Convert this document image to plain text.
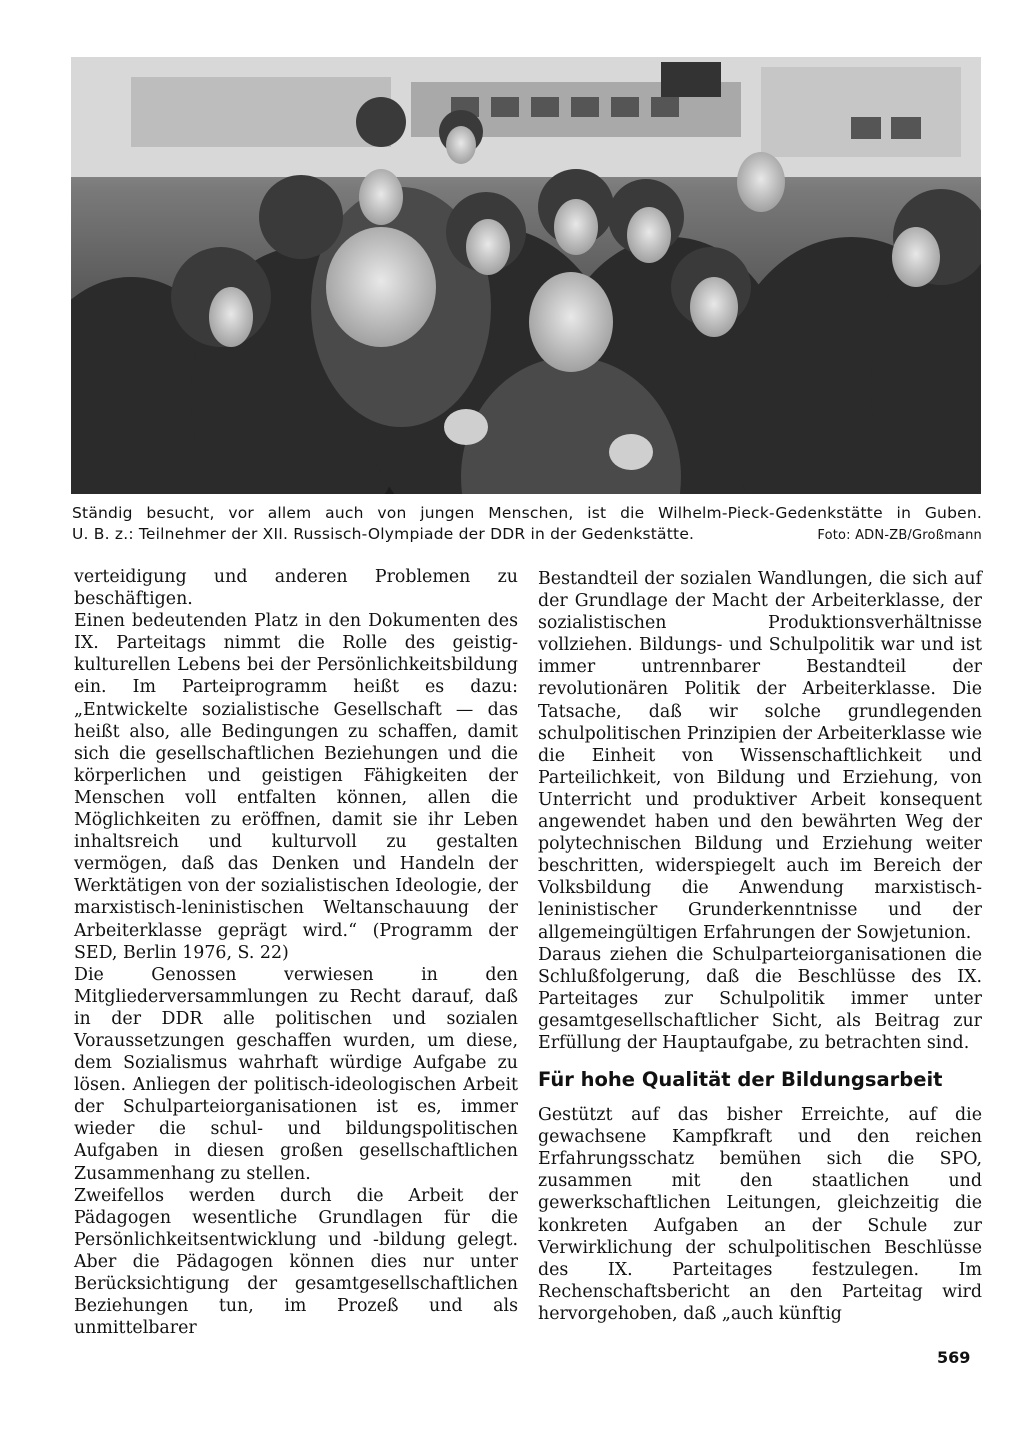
Ständig besucht, vor allem auch von jungen Menschen, ist die Wilhelm-Pieck-Gedenkstätte in Guben.
U. B. z.: Teilnehmer der XII. Russisch-Olympiade der DDR in der Gedenkstätte.	Foto: ADN-ZB/Großmann

verteidigung und anderen Problemen zu beschäftigen.

Einen bedeutenden Platz in den Dokumenten des IX. Parteitags nimmt die Rolle des geistig-kulturellen Lebens bei der Persönlichkeitsbildung ein. Im Parteiprogramm heißt es dazu: „Entwickelte sozialistische Gesellschaft — das heißt also, alle Bedingungen zu schaffen, damit sich die gesellschaftlichen Beziehungen und die körperlichen und geistigen Fähigkeiten der Menschen voll entfalten können, allen die Möglichkeiten zu eröffnen, damit sie ihr Leben inhaltsreich und kulturvoll zu gestalten vermögen, daß das Denken und Handeln der Werktätigen von der sozialistischen Ideologie, der marxistisch-leninistischen Weltanschauung der Arbeiterklasse geprägt wird.“ (Programm der SED, Berlin 1976, S. 22)

Die Genossen verwiesen in den Mitgliederversammlungen zu Recht darauf, daß in der DDR alle politischen und sozialen Voraussetzungen geschaffen wurden, um diese, dem Sozialismus wahrhaft würdige Aufgabe zu lösen. Anliegen der politisch-ideologischen Arbeit der Schulparteiorganisationen ist es, immer wieder die schul- und bildungspolitischen Aufgaben in diesen großen gesellschaftlichen Zusammenhang zu stellen.

Zweifellos werden durch die Arbeit der Pädagogen wesentliche Grundlagen für die Persönlichkeitsentwicklung und -bildung gelegt. Aber die Pädagogen können dies nur unter Berücksichtigung der gesamtgesellschaftlichen Beziehungen tun, im Prozeß und als unmittelbarer

Bestandteil der sozialen Wandlungen, die sich auf der Grundlage der Macht der Arbeiterklasse, der sozialistischen Produktionsverhältnisse vollziehen. Bildungs- und Schulpolitik war und ist immer untrennbarer Bestandteil der revolutionären Politik der Arbeiterklasse. Die Tatsache, daß wir solche grundlegenden schulpolitischen Prinzipien der Arbeiterklasse wie die Einheit von Wissenschaftlichkeit und Parteilichkeit, von Bildung und Erziehung, von Unterricht und produktiver Arbeit konsequent angewendet haben und den bewährten Weg der polytechnischen Bildung und Erziehung weiter beschritten, widerspiegelt auch im Bereich der Volksbildung die Anwendung marxistisch-leninistischer Grunderkenntnisse und der allgemeingültigen Erfahrungen der Sowjetunion.

Daraus ziehen die Schulparteiorganisationen die Schlußfolgerung, daß die Beschlüsse des IX. Parteitages zur Schulpolitik immer unter gesamtgesellschaftlicher Sicht, als Beitrag zur Erfüllung der Hauptaufgabe, zu betrachten sind.

Für hohe Qualität der Bildungsarbeit

Gestützt auf das bisher Erreichte, auf die gewachsene Kampfkraft und den reichen Erfahrungsschatz bemühen sich die SPO, zusammen mit den staatlichen und gewerkschaftlichen Leitungen, gleichzeitig die konkreten Aufgaben an der Schule zur Verwirklichung der schulpolitischen Beschlüsse des IX. Parteitages festzulegen. Im Rechenschaftsbericht an den Parteitag wird hervorgehoben, daß „auch künftig

569
